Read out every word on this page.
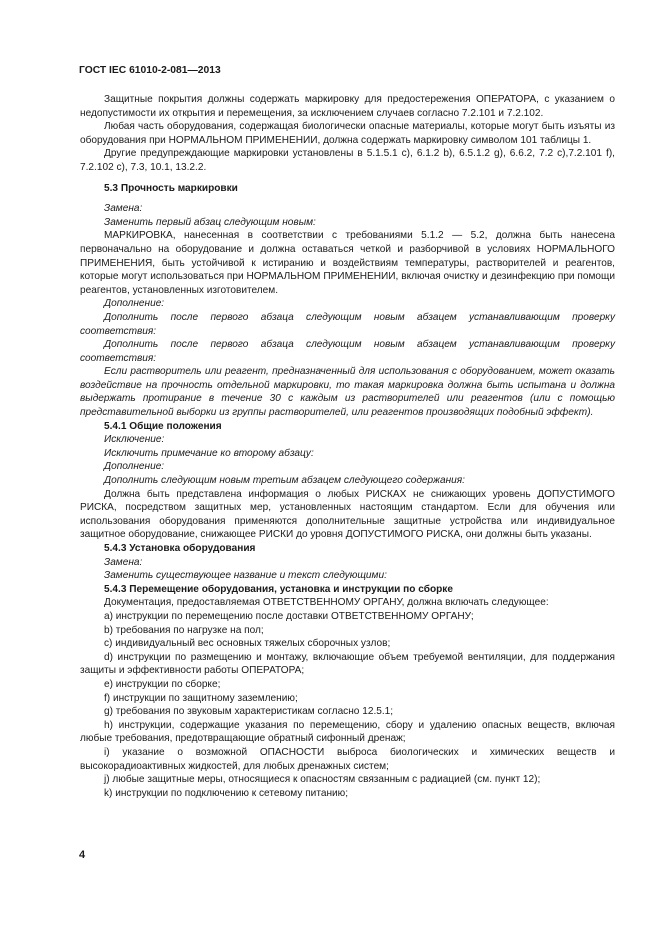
ГОСТ IEC 61010-2-081—2013

Защитные покрытия должны содержать маркировку для предостережения ОПЕРАТОРА, с указанием о недопустимости их открытия и перемещения, за исключением случаев согласно 7.2.101 и 7.2.102.

Любая часть оборудования, содержащая биологически опасные материалы, которые могут быть изъяты из оборудования при НОРМАЛЬНОМ ПРИМЕНЕНИИ, должна содержать маркировку символом 101 таблицы 1.

Другие предупреждающие маркировки установлены в 5.1.5.1 с), 6.1.2 b), 6.5.1.2 g), 6.6.2, 7.2 с),7.2.101 f), 7.2.102 с), 7.3, 10.1, 13.2.2.

5.3 Прочность маркировки

Замена:

Заменить первый абзац следующим новым:

МАРКИРОВКА, нанесенная в соответствии с требованиями 5.1.2 — 5.2, должна быть нанесена первоначально на оборудование и должна оставаться четкой и разборчивой в условиях НОРМАЛЬНОГО ПРИМЕНЕНИЯ, быть устойчивой к истиранию и воздействиям температуры, растворителей и реагентов, которые могут использоваться при НОРМАЛЬНОМ ПРИМЕНЕНИИ, включая очистку и дезинфекцию при помощи реагентов, установленных изготовителем.

Дополнение:

Дополнить после первого абзаца следующим новым абзацем устанавливающим проверку соответствия:

Дополнить после первого абзаца следующим новым абзацем устанавливающим проверку соответствия:

Если растворитель или реагент, предназначенный для использования с оборудованием, может оказать воздействие на прочность отдельной маркировки, то такая маркировка должна быть испытана и должна выдержать протирание в течение 30 с каждым из растворителей или реагентов (или с помощью представительной выборки из группы растворителей, или реагентов производящих подобный эффект).

5.4.1 Общие положения

Исключение:

Исключить примечание ко второму абзацу:

Дополнение:

Дополнить следующим новым третьим абзацем следующего содержания:

Должна быть представлена информация о любых РИСКАХ не снижающих уровень ДОПУСТИМОГО РИСКА, посредством защитных мер, установленных настоящим стандартом. Если для обучения или использования оборудования применяются дополнительные защитные устройства или индивидуальное защитное оборудование, снижающее РИСКИ до уровня ДОПУСТИМОГО РИСКА, они должны быть указаны.

5.4.3 Установка оборудования

Замена:

Заменить существующее название и текст следующими:

5.4.3 Перемещение оборудования, установка и инструкции по сборке

Документация, предоставляемая ОТВЕТСТВЕННОМУ ОРГАНУ, должна включать следующее:

а) инструкции по перемещению после доставки ОТВЕТСТВЕННОМУ ОРГАНУ;

b) требования по нагрузке на пол;

с) индивидуальный вес основных тяжелых сборочных узлов;

d) инструкции по размещению и монтажу, включающие объем требуемой вентиляции, для поддержания защиты и эффективности работы ОПЕРАТОРА;

е) инструкции по сборке;

f) инструкции по защитному заземлению;

g) требования по звуковым характеристикам согласно 12.5.1;

h) инструкции, содержащие указания по перемещению, сбору и удалению опасных веществ, включая любые требования, предотвращающие обратный сифонный дренаж;

i) указание о возможной ОПАСНОСТИ выброса биологических и химических веществ и высокорадиоактивных жидкостей, для любых дренажных систем;

j) любые защитные меры, относящиеся к опасностям связанным с радиацией (см. пункт 12);

k) инструкции по подключению к сетевому питанию;

4
